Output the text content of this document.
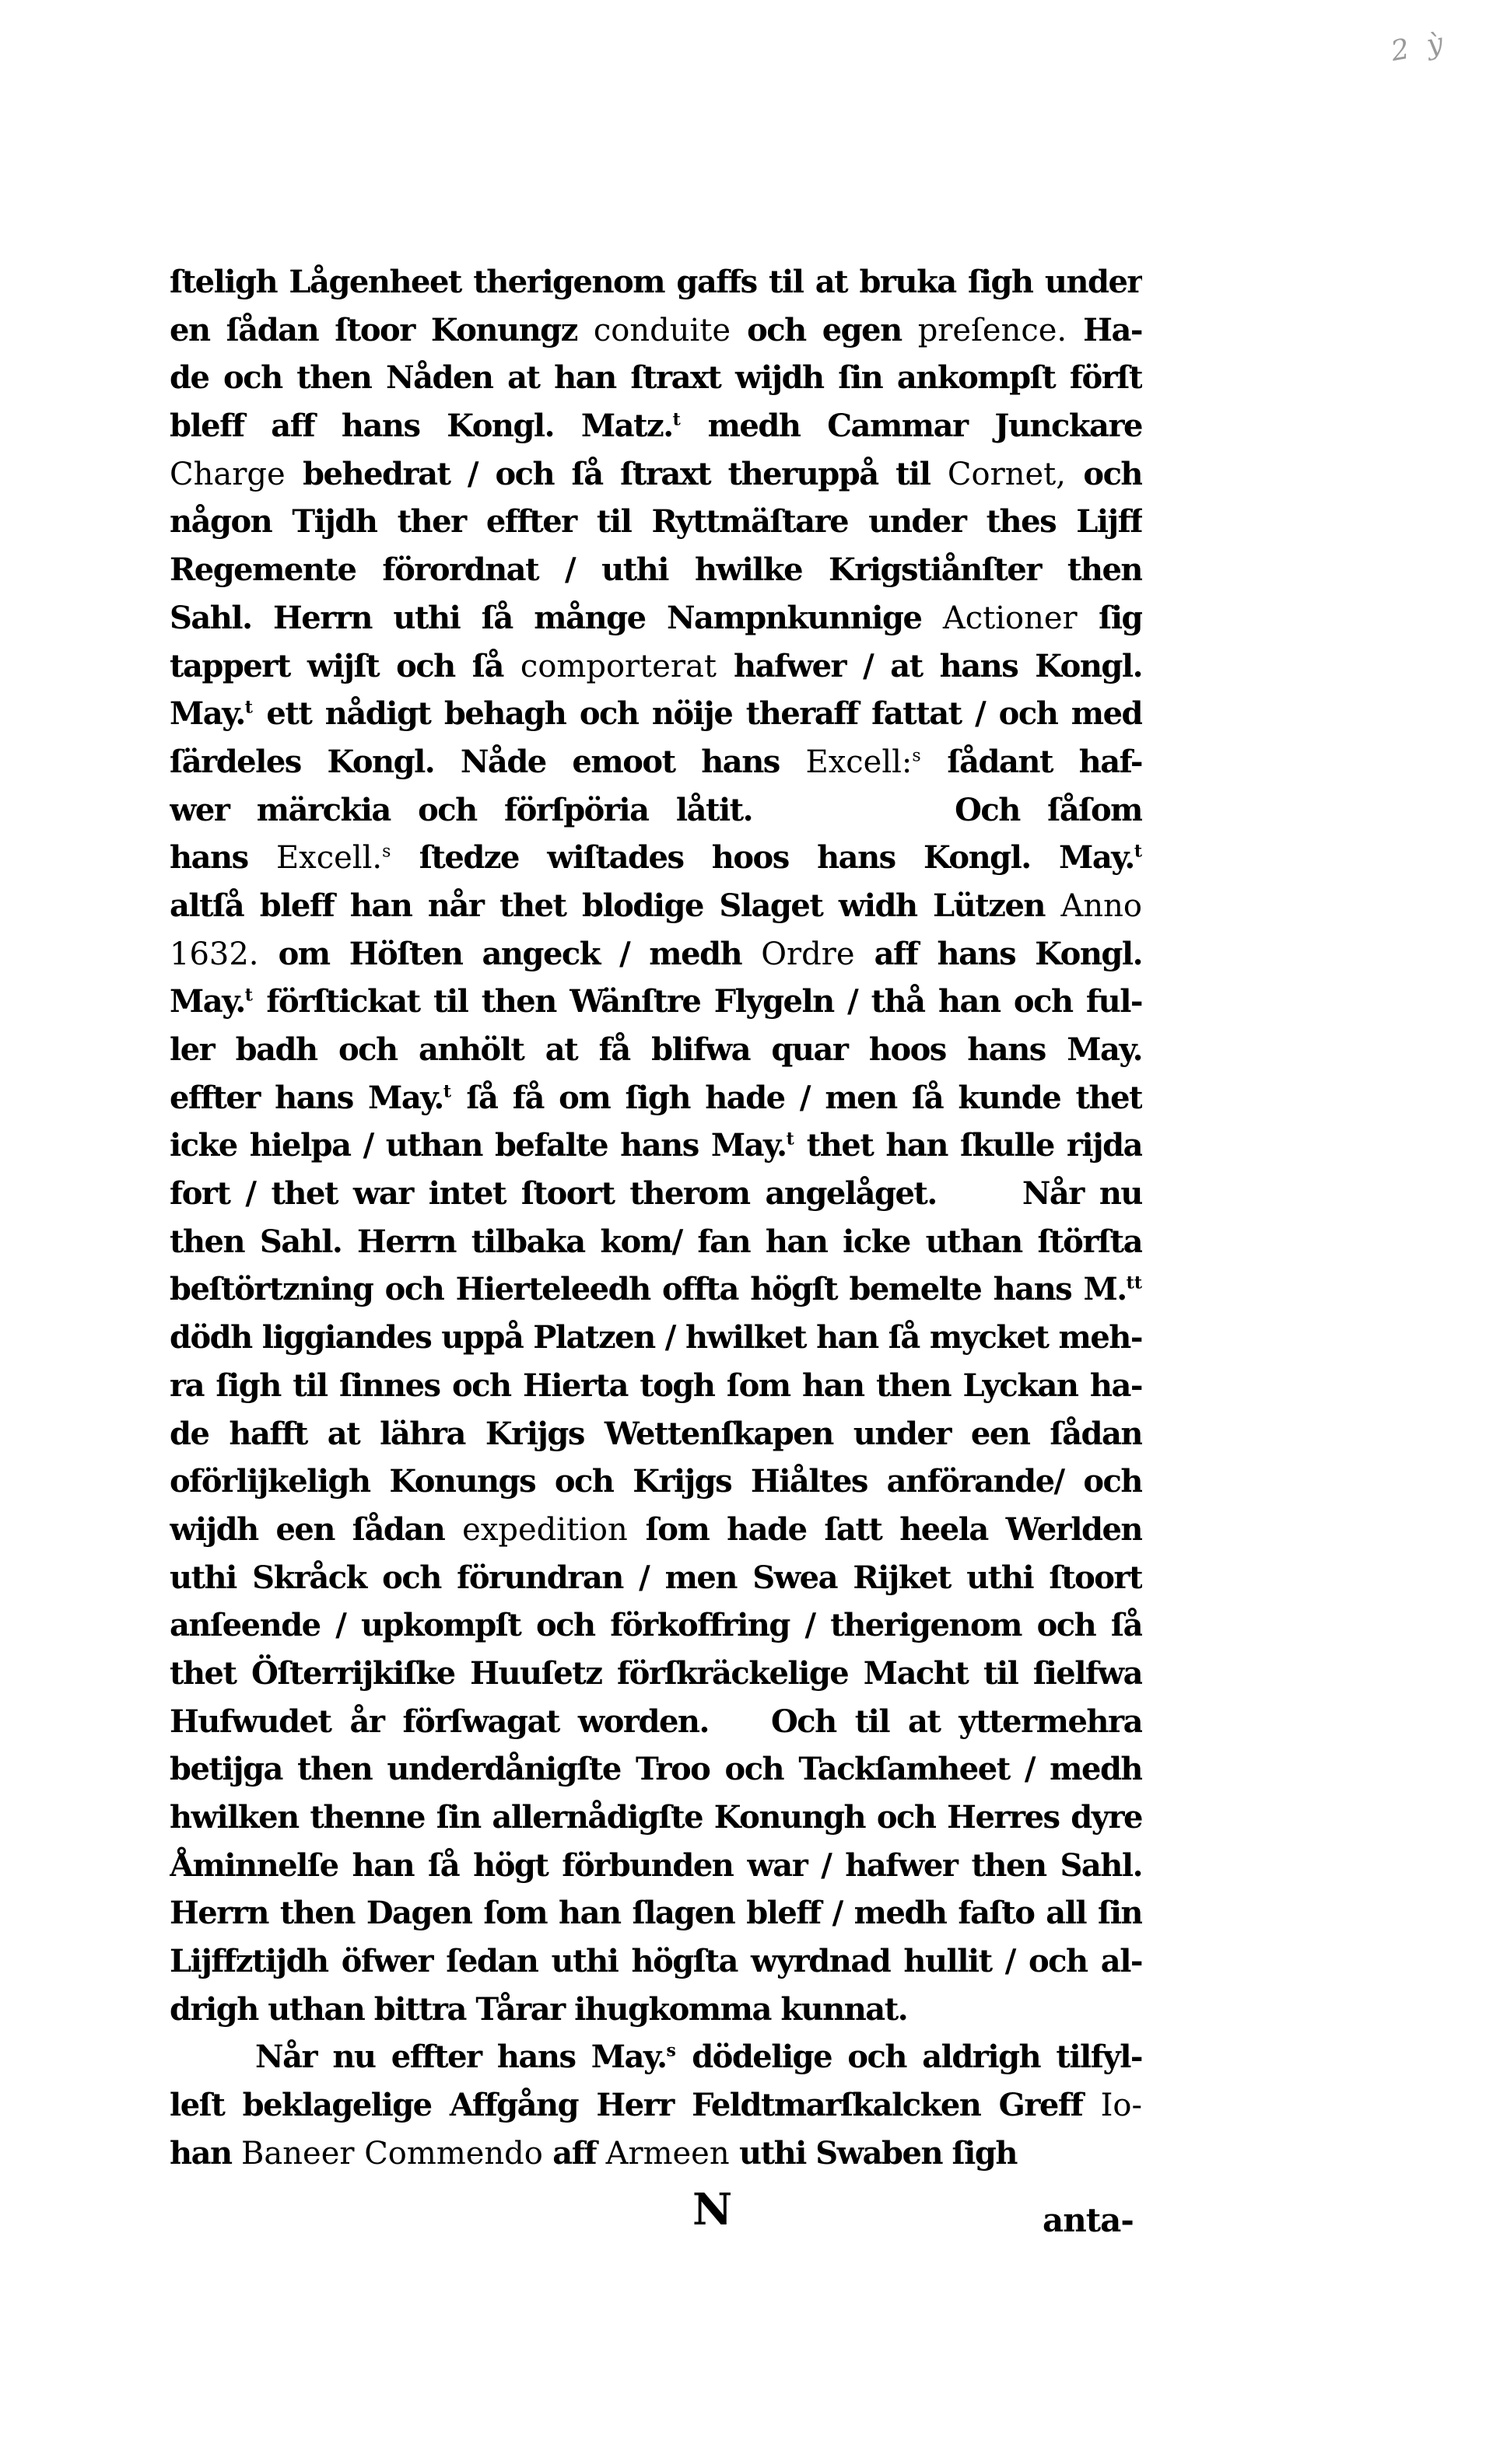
2 ỳ
ſteligh Lågenheet therigenom gaffs til at bruka ſigh under
en ſådan ſtoor Konungz conduite och egen preſence. Ha-
de och then Nåden at han ſtraxt wijdh ſin ankompſt förſt
bleff aff hans Kongl. Matz.$^t$ medh Cammar Junckare
Charge behedrat / och ſå ſtraxt theruppå til Cornet, och
någon Tijdh ther effter til Ryttmäſtare under thes Lijff
Regemente förordnat / uthi hwilke Krigstiånſter then
Sahl. Herrn uthi ſå månge Nampnkunnige Actioner ſig
tappert wijſt och ſå comporterat hafwer / at hans Kongl.
May.$^t$ ett nådigt behagh och nöije theraff fattat / och med
ſärdeles Kongl. Nåde emoot hans Excell:$^s$ ſådant haf-
wer märckia och förſpöria låtit.	Och ſåſom
hans Excell.$^s$ ſtedze wiſtades hoos hans Kongl. May.$^t$
altſå bleff han når thet blodige Slaget widh Lützen Anno
1632. om Höſten angeck / medh Ordre aff hans Kongl.
May.$^t$ förſtickat til then Wänſtre Flygeln / thå han och ful-
ler badh och anhölt at få blifwa quar hoos hans May.
effter hans May.$^t$ ſå få om ſigh hade / men ſå kunde thet
icke hielpa / uthan befalte hans May.$^t$ thet han ſkulle rijda
fort / thet war intet ſtoort therom angelåget.	Når nu
then Sahl. Herrn tilbaka kom/ fan han icke uthan ſtörſta
beſtörtzning och Hierteleedh offta högſt bemelte hans M.$^{tt}$
dödh liggiandes uppå Platzen / hwilket han ſå mycket meh-
ra ſigh til ſinnes och Hierta togh ſom han then Lyckan ha-
de hafft at lähra Krijgs Wettenſkapen under een ſådan
oförlijkeligh Konungs och Krijgs Hiåltes anförande/ och
wijdh een ſådan expedition ſom hade ſatt heela Werlden
uthi Skråck och förundran / men Swea Rijket uthi ſtoort
anſeende / upkompſt och förkoffring / therigenom och ſå
thet Öſterrijkiſke Huuſetz förſkräckelige Macht til ſielfwa
Hufwudet år förſwagat worden. Och til at yttermehra
betijga then underdånigſte Troo och Tackſamheet / medh
hwilken thenne ſin allernådigſte Konungh och Herres dyre
Åminnelſe han ſå högt förbunden war / hafwer then Sahl.
Herrn then Dagen ſom han ſlagen bleff / medh faſto all ſin
Lijffztijdh öfwer ſedan uthi högſta wyrdnad hullit / och al-
drigh uthan bittra Tårar ihugkomma kunnat.
Når nu effter hans May.$^s$ dödelige och aldrigh tilfyl-
leſt beklagelige Affgång Herr Feldtmarſkalcken Greff Io-
han Baneer Commendo aff Armeen uthi Swaben ſigh
N	anta-
